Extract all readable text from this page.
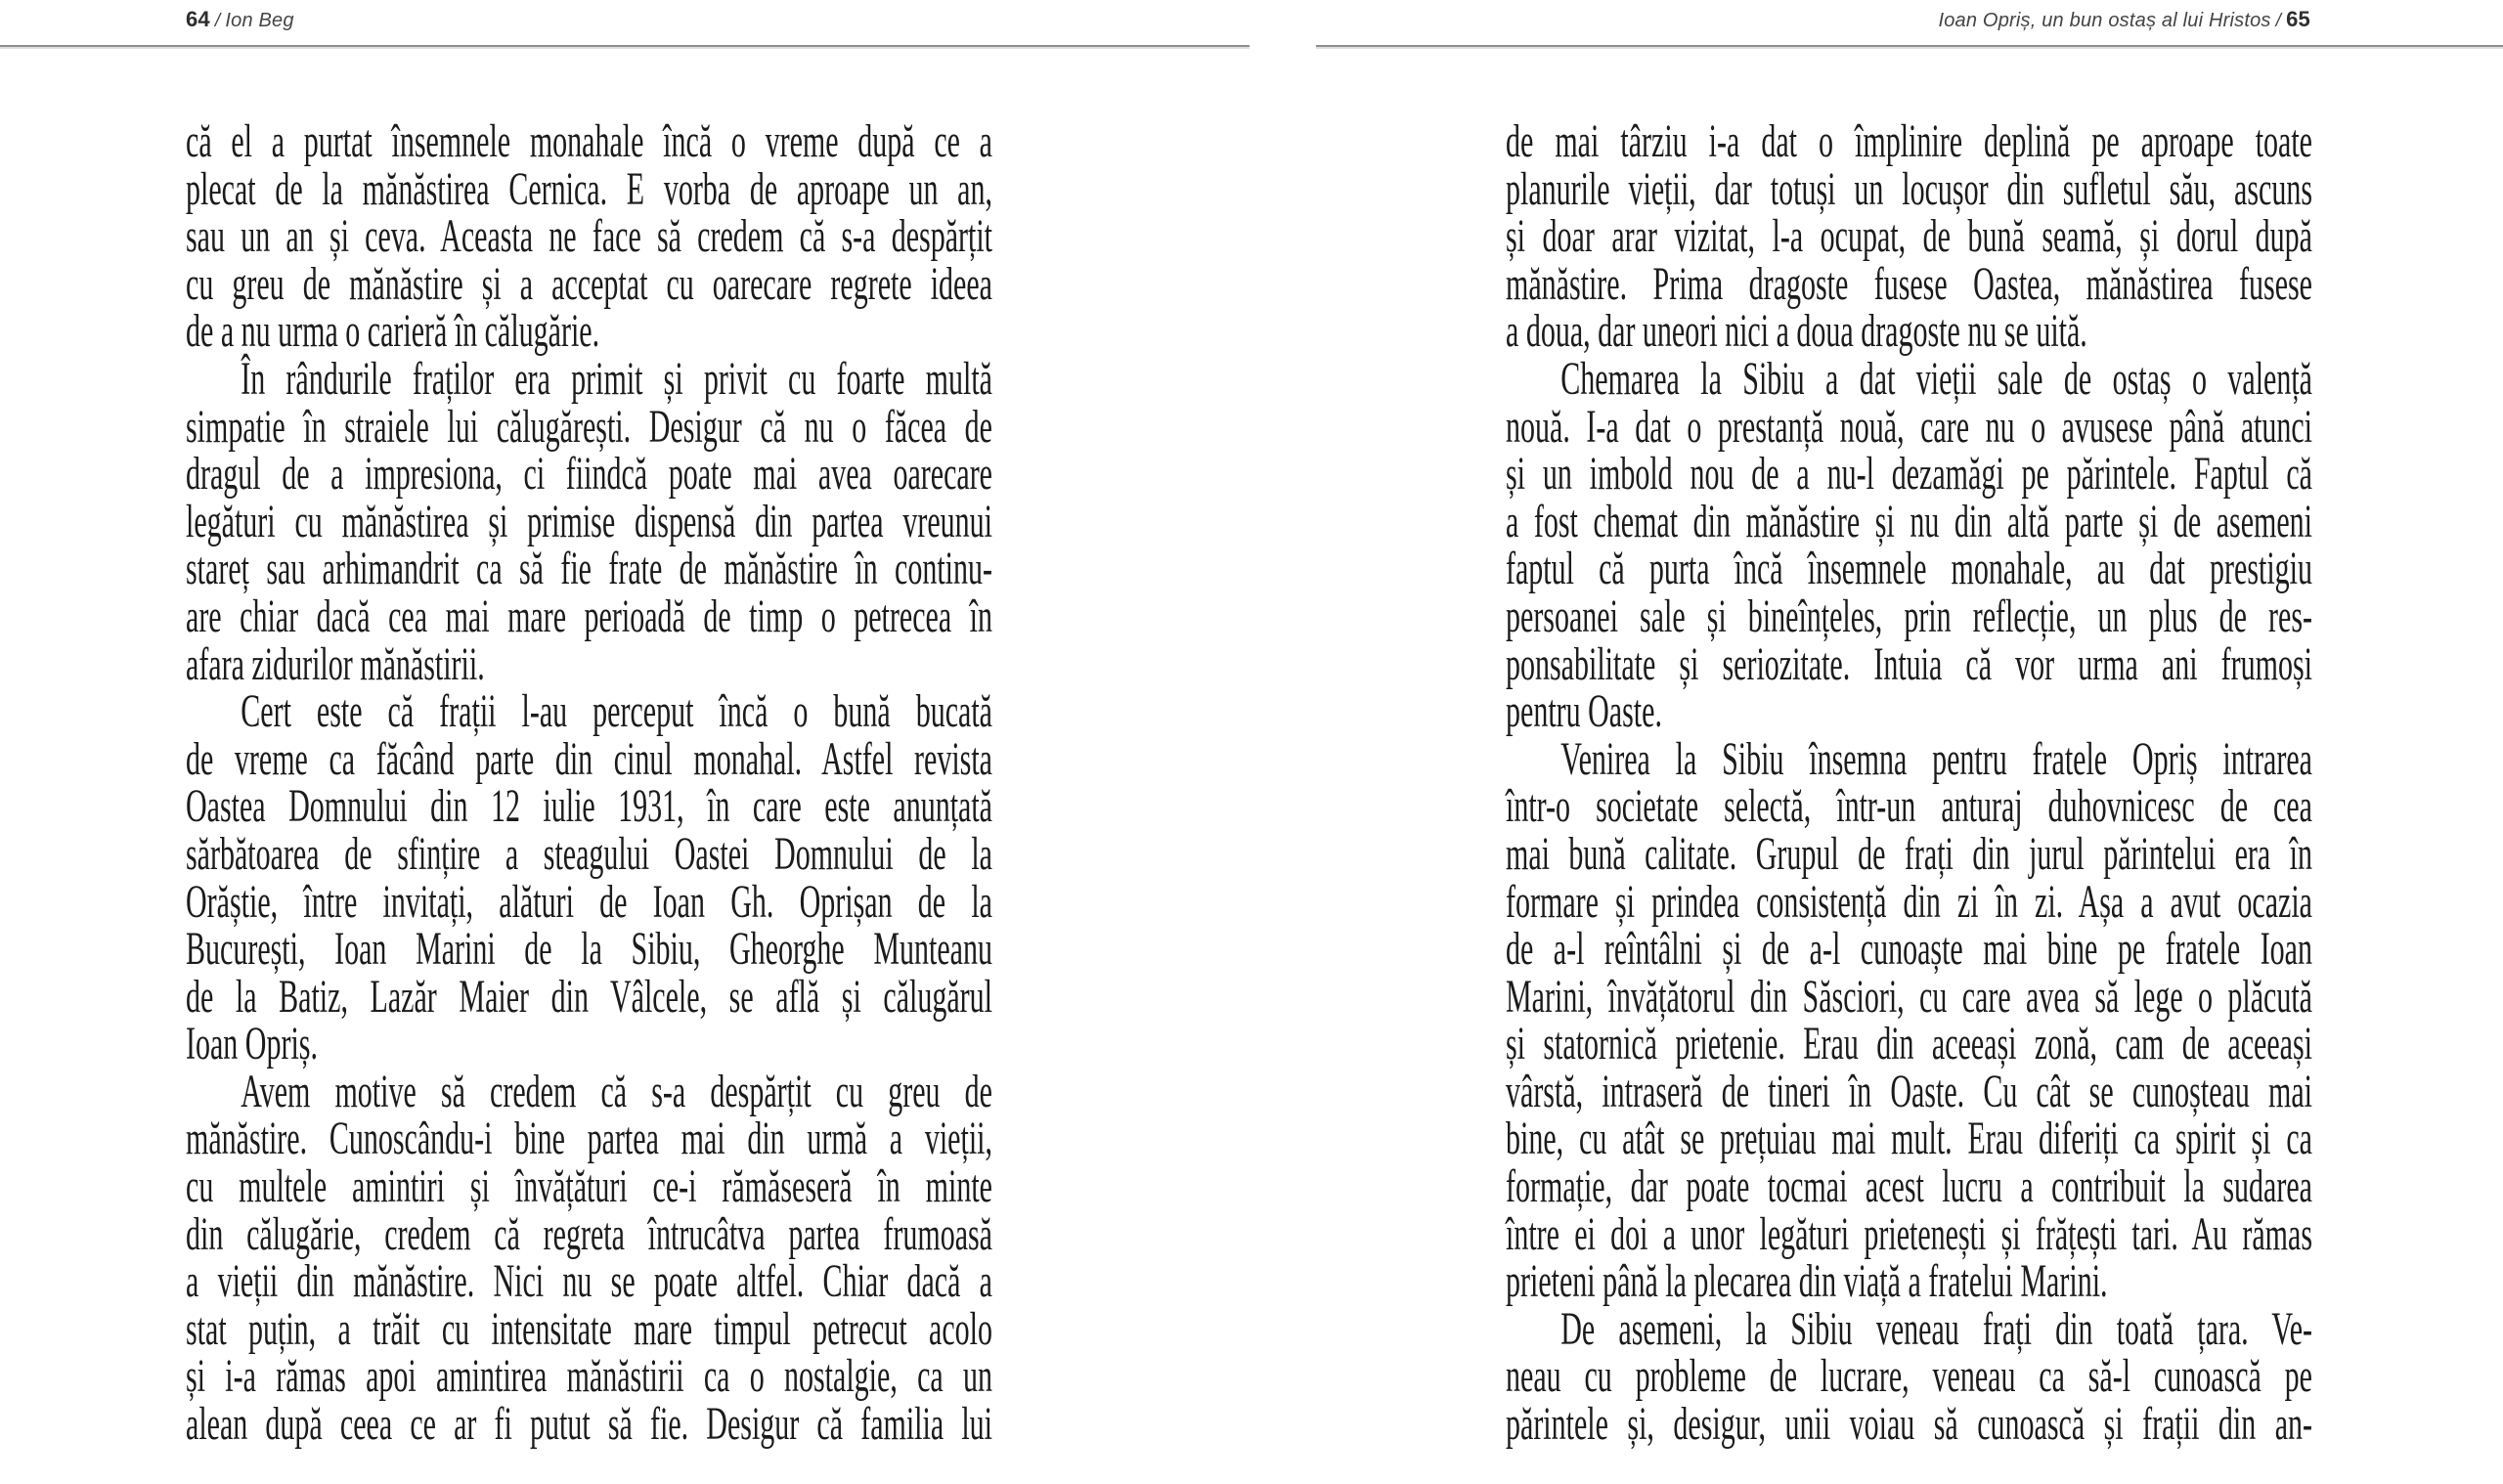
64 / Ion Beg
că el a purtat însemnele monahale încă o vreme după ce a
plecat de la mănăstirea Cernica. E vorba de aproape un an,
sau un an și ceva. Aceasta ne face să credem că s-a despărțit
cu greu de mănăstire și a acceptat cu oarecare regrete ideea
de a nu urma o carieră în călugărie.
În rândurile fraților era primit și privit cu foarte multă
simpatie în straiele lui călugărești. Desigur că nu o făcea de
dragul de a impresiona, ci fiindcă poate mai avea oarecare
legături cu mănăstirea și primise dispensă din partea vreunui
stareț sau arhimandrit ca să fie frate de mănăstire în continu-
are chiar dacă cea mai mare perioadă de timp o petrecea în
afara zidurilor mănăstirii.
Cert este că frații l-au perceput încă o bună bucată
de vreme ca făcând parte din cinul monahal. Astfel revista
Oastea Domnului din 12 iulie 1931, în care este anunțată
sărbătoarea de sfințire a steagului Oastei Domnului de la
Orăștie, între invitați, alături de Ioan Gh. Oprișan de la
București, Ioan Marini de la Sibiu, Gheorghe Munteanu
de la Batiz, Lazăr Maier din Vâlcele, se află și călugărul
Ioan Opriș.
Avem motive să credem că s-a despărțit cu greu de
mănăstire. Cunoscându-i bine partea mai din urmă a vieții,
cu multele amintiri și învățături ce-i rămăseseră în minte
din călugărie, credem că regreta întrucâtva partea frumoasă
a vieții din mănăstire. Nici nu se poate altfel. Chiar dacă a
stat puțin, a trăit cu intensitate mare timpul petrecut acolo
și i-a rămas apoi amintirea mănăstirii ca o nostalgie, ca un
alean după ceea ce ar fi putut să fie. Desigur că familia lui
Ioan Opriș, un bun ostaș al lui Hristos / 65
de mai târziu i-a dat o împlinire deplină pe aproape toate
planurile vieții, dar totuși un locușor din sufletul său, ascuns
și doar arar vizitat, l-a ocupat, de bună seamă, și dorul după
mănăstire. Prima dragoste fusese Oastea, mănăstirea fusese
a doua, dar uneori nici a doua dragoste nu se uită.
Chemarea la Sibiu a dat vieții sale de ostaș o valență
nouă. I-a dat o prestanță nouă, care nu o avusese până atunci
și un imbold nou de a nu-l dezamăgi pe părintele. Faptul că
a fost chemat din mănăstire și nu din altă parte și de asemeni
faptul că purta încă însemnele monahale, au dat prestigiu
persoanei sale și bineînțeles, prin reflecție, un plus de res-
ponsabilitate și seriozitate. Intuia că vor urma ani frumoși
pentru Oaste.
Venirea la Sibiu însemna pentru fratele Opriș intrarea
într-o societate selectă, într-un anturaj duhovnicesc de cea
mai bună calitate. Grupul de frați din jurul părintelui era în
formare și prindea consistență din zi în zi. Așa a avut ocazia
de a-l reîntâlni și de a-l cunoaște mai bine pe fratele Ioan
Marini, învățătorul din Săsciori, cu care avea să lege o plăcută
și statornică prietenie. Erau din aceeași zonă, cam de aceeași
vârstă, intraseră de tineri în Oaste. Cu cât se cunoșteau mai
bine, cu atât se prețuiau mai mult. Erau diferiți ca spirit și ca
formație, dar poate tocmai acest lucru a contribuit la sudarea
între ei doi a unor legături prietenești și frățești tari. Au rămas
prieteni până la plecarea din viață a fratelui Marini.
De asemeni, la Sibiu veneau frați din toată țara. Ve-
neau cu probleme de lucrare, veneau ca să-l cunoască pe
părintele și, desigur, unii voiau să cunoască și frații din an-
